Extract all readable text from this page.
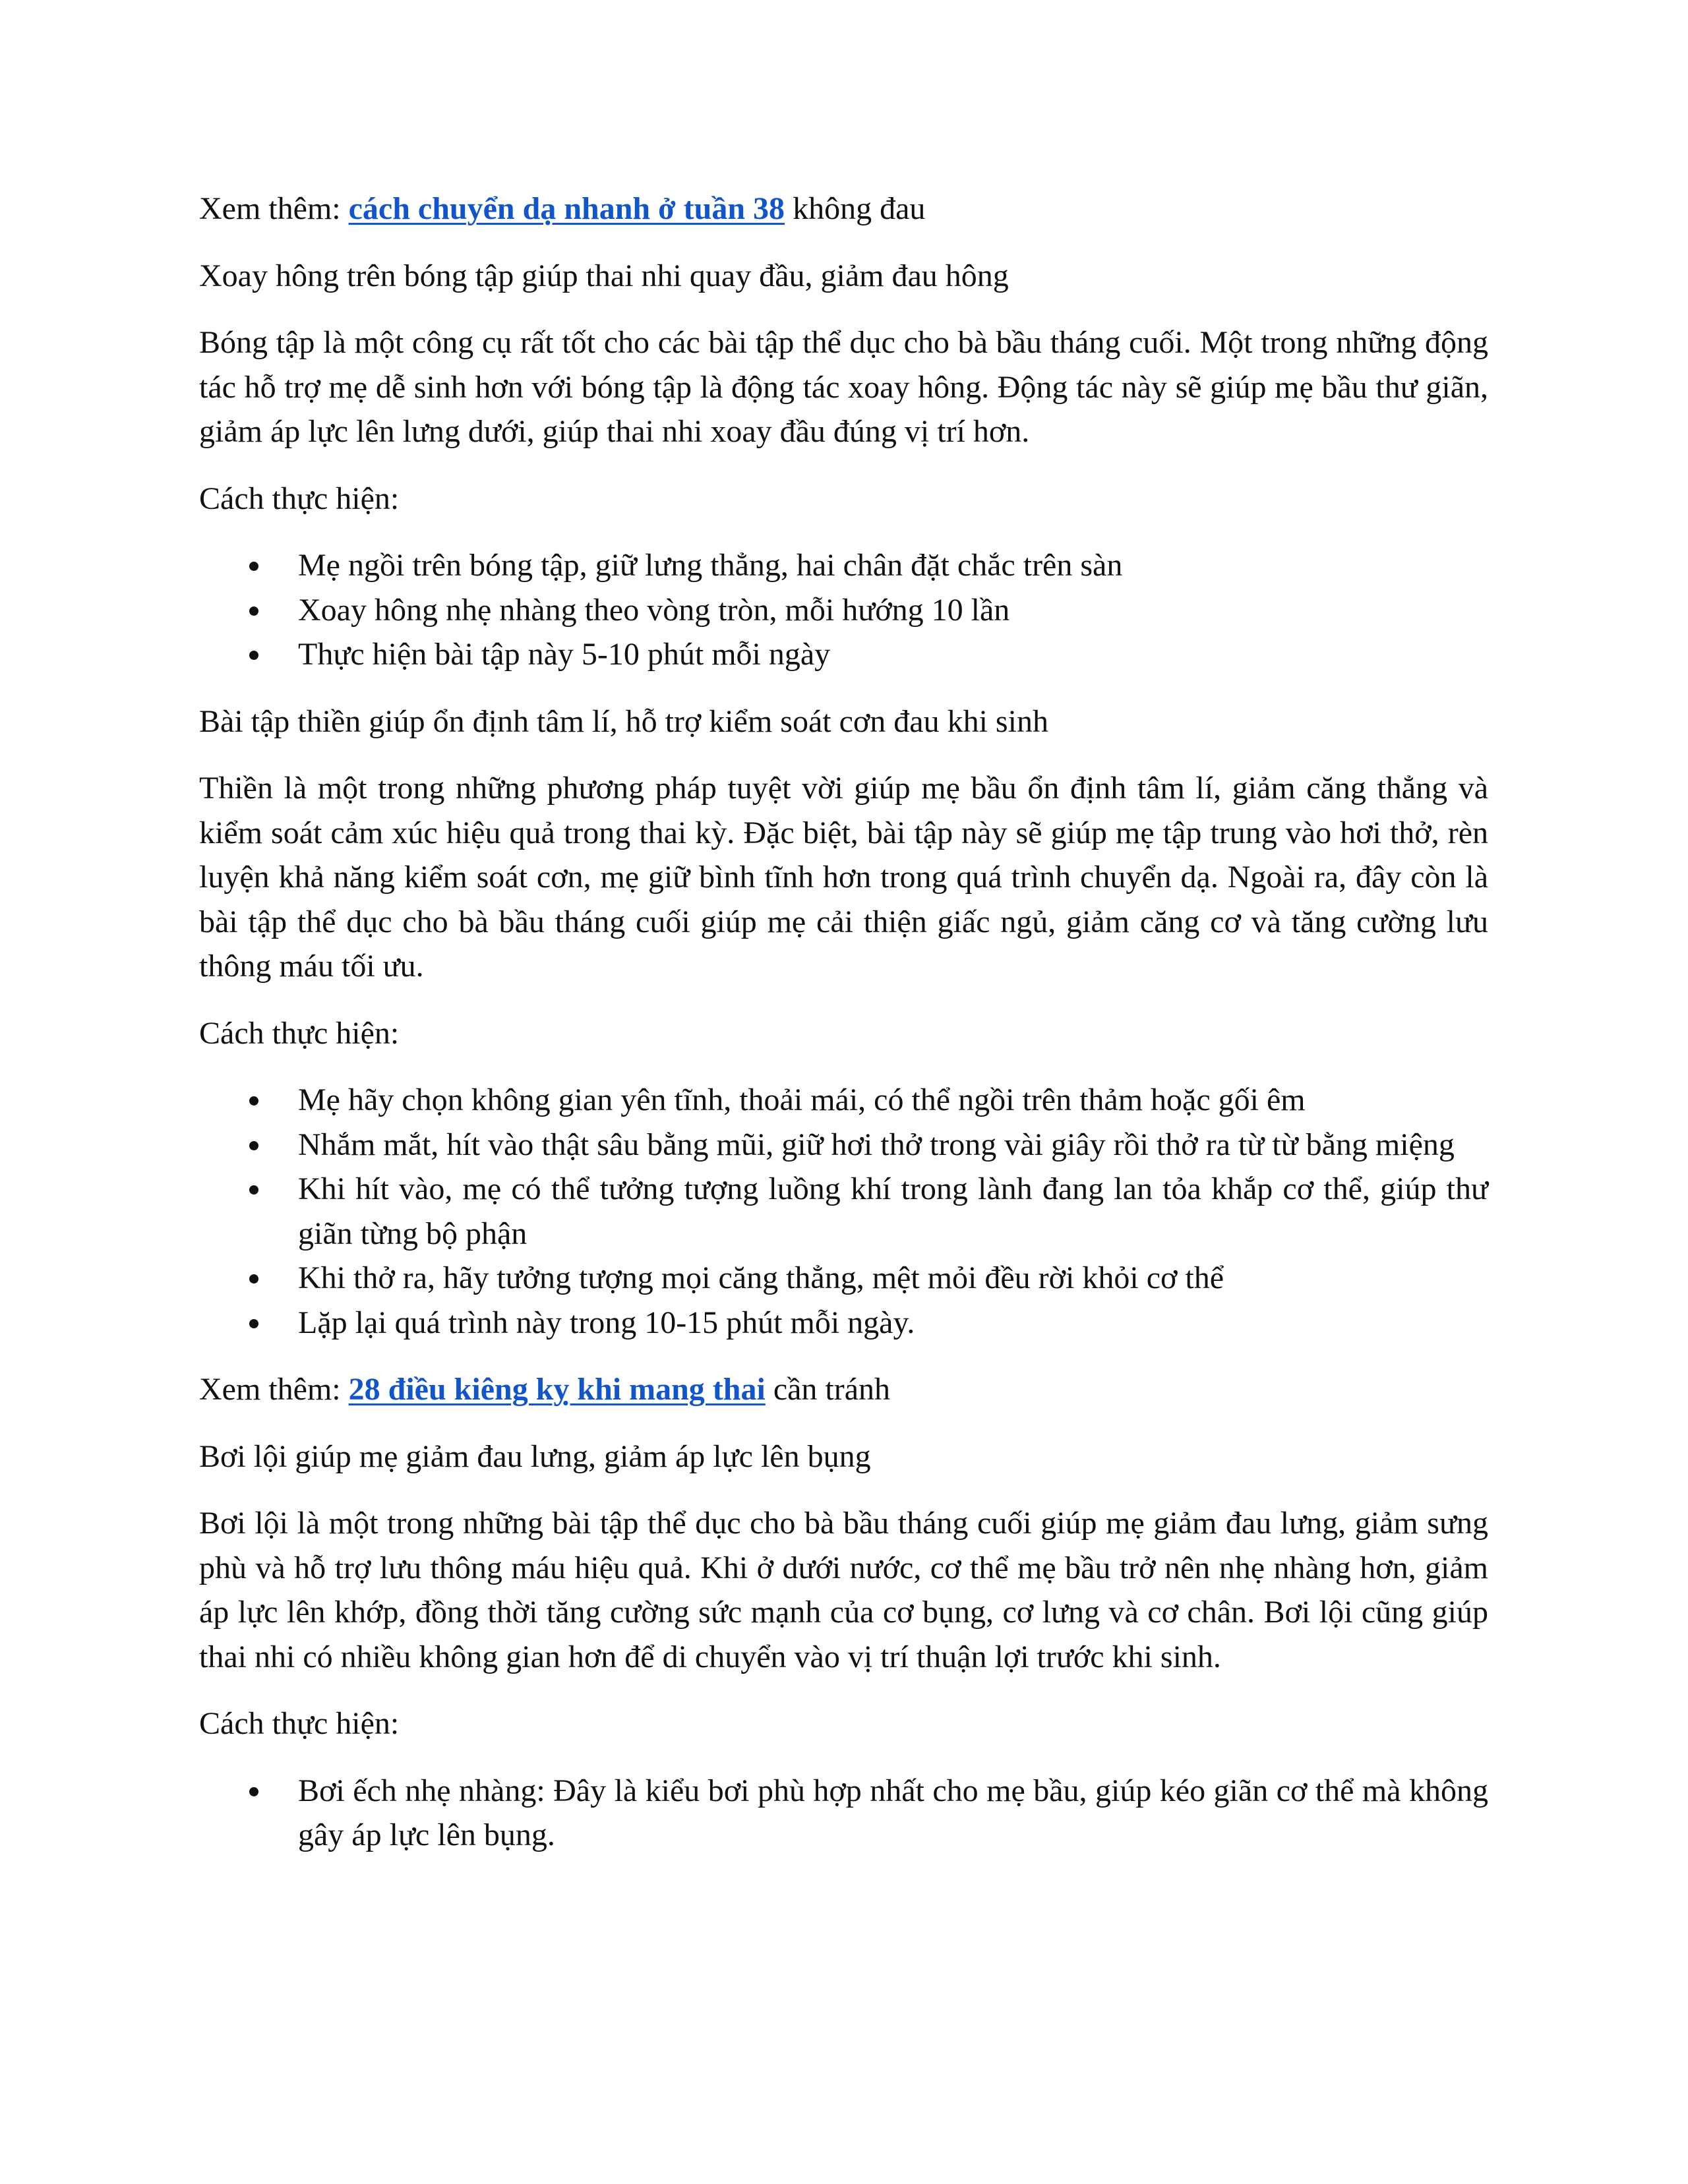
Xem thêm: cách chuyển dạ nhanh ở tuần 38 không đau

Xoay hông trên bóng tập giúp thai nhi quay đầu, giảm đau hông

Bóng tập là một công cụ rất tốt cho các bài tập thể dục cho bà bầu tháng cuối. Một trong những động tác hỗ trợ mẹ dễ sinh hơn với bóng tập là động tác xoay hông. Động tác này sẽ giúp mẹ bầu thư giãn, giảm áp lực lên lưng dưới, giúp thai nhi xoay đầu đúng vị trí hơn.

Cách thực hiện:

Mẹ ngồi trên bóng tập, giữ lưng thẳng, hai chân đặt chắc trên sàn
Xoay hông nhẹ nhàng theo vòng tròn, mỗi hướng 10 lần
Thực hiện bài tập này 5-10 phút mỗi ngày

Bài tập thiền giúp ổn định tâm lí, hỗ trợ kiểm soát cơn đau khi sinh

Thiền là một trong những phương pháp tuyệt vời giúp mẹ bầu ổn định tâm lí, giảm căng thẳng và kiểm soát cảm xúc hiệu quả trong thai kỳ. Đặc biệt, bài tập này sẽ giúp mẹ tập trung vào hơi thở, rèn luyện khả năng kiểm soát cơn, mẹ giữ bình tĩnh hơn trong quá trình chuyển dạ. Ngoài ra, đây còn là bài tập thể dục cho bà bầu tháng cuối giúp mẹ cải thiện giấc ngủ, giảm căng cơ và tăng cường lưu thông máu tối ưu.

Cách thực hiện:

Mẹ hãy chọn không gian yên tĩnh, thoải mái, có thể ngồi trên thảm hoặc gối êm
Nhắm mắt, hít vào thật sâu bằng mũi, giữ hơi thở trong vài giây rồi thở ra từ từ bằng miệng
Khi hít vào, mẹ có thể tưởng tượng luồng khí trong lành đang lan tỏa khắp cơ thể, giúp thư giãn từng bộ phận
Khi thở ra, hãy tưởng tượng mọi căng thẳng, mệt mỏi đều rời khỏi cơ thể
Lặp lại quá trình này trong 10-15 phút mỗi ngày.

Xem thêm: 28 điều kiêng kỵ khi mang thai cần tránh

Bơi lội giúp mẹ giảm đau lưng, giảm áp lực lên bụng

Bơi lội là một trong những bài tập thể dục cho bà bầu tháng cuối giúp mẹ giảm đau lưng, giảm sưng phù và hỗ trợ lưu thông máu hiệu quả. Khi ở dưới nước, cơ thể mẹ bầu trở nên nhẹ nhàng hơn, giảm áp lực lên khớp, đồng thời tăng cường sức mạnh của cơ bụng, cơ lưng và cơ chân. Bơi lội cũng giúp thai nhi có nhiều không gian hơn để di chuyển vào vị trí thuận lợi trước khi sinh.

Cách thực hiện:

Bơi ếch nhẹ nhàng: Đây là kiểu bơi phù hợp nhất cho mẹ bầu, giúp kéo giãn cơ thể mà không gây áp lực lên bụng.
